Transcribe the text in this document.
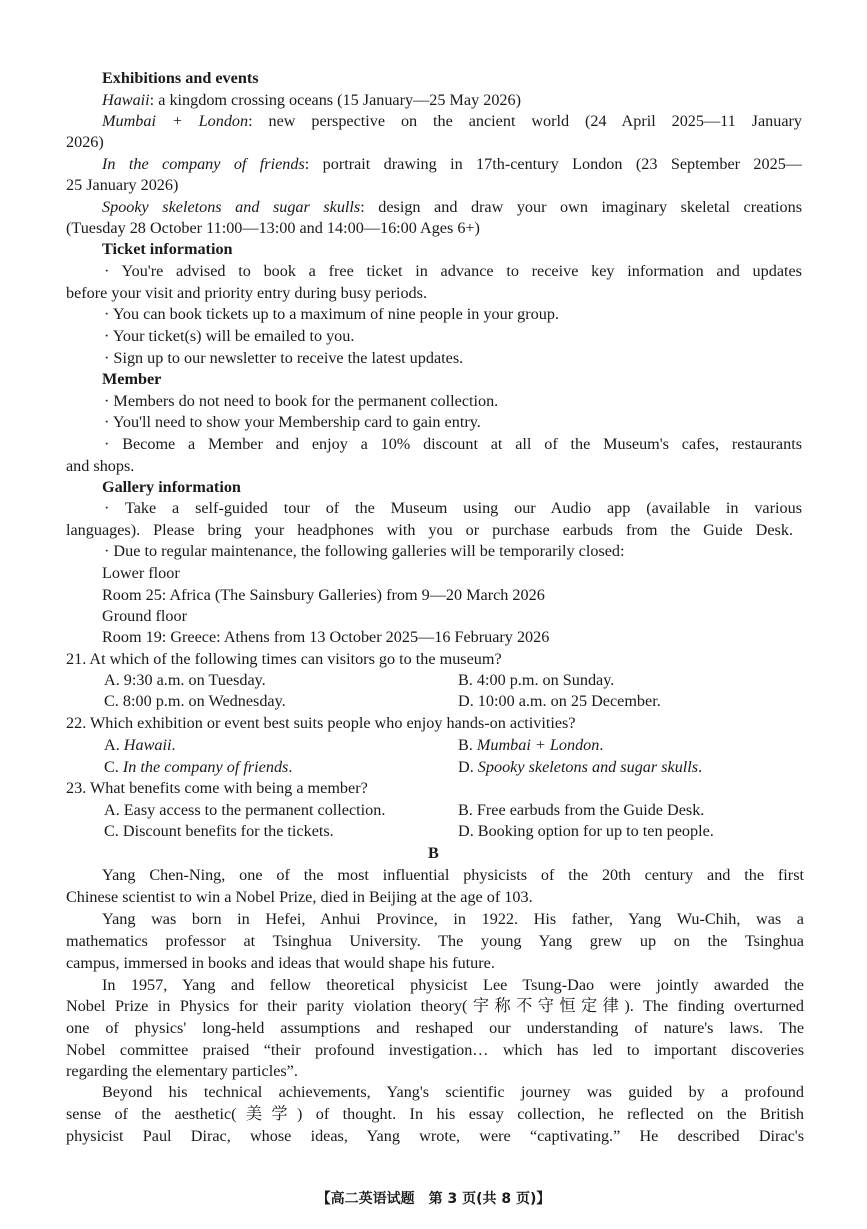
Exhibitions and events
Hawaii: a kingdom crossing oceans (15 January—25 May 2026)
Mumbai + London: new perspective on the ancient world (24 April 2025—11 January
2026)
In the company of friends: portrait drawing in 17th-century London (23 September 2025—
25 January 2026)
Spooky skeletons and sugar skulls: design and draw your own imaginary skeletal creations
(Tuesday 28 October 11:00—13:00 and 14:00—16:00 Ages 6+)
Ticket information
· You're advised to book a free ticket in advance to receive key information and updates
before your visit and priority entry during busy periods.
· You can book tickets up to a maximum of nine people in your group.
· Your ticket(s) will be emailed to you.
· Sign up to our newsletter to receive the latest updates.
Member
· Members do not need to book for the permanent collection.
· You'll need to show your Membership card to gain entry.
· Become a Member and enjoy a 10% discount at all of the Museum's cafes, restaurants
and shops.
Gallery information
· Take a self-guided tour of the Museum using our Audio app (available in various
languages). Please bring your headphones with you or purchase earbuds from the Guide Desk.
· Due to regular maintenance, the following galleries will be temporarily closed:
Lower floor
Room 25: Africa (The Sainsbury Galleries) from 9—20 March 2026
Ground floor
Room 19: Greece: Athens from 13 October 2025—16 February 2026
21. At which of the following times can visitors go to the museum?
A. 9:30 a.m. on Tuesday.	B. 4:00 p.m. on Sunday.
C. 8:00 p.m. on Wednesday.	D. 10:00 a.m. on 25 December.
22. Which exhibition or event best suits people who enjoy hands-on activities?
A. Hawaii.	B. Mumbai + London.
C. In the company of friends.	D. Spooky skeletons and sugar skulls.
23. What benefits come with being a member?
A. Easy access to the permanent collection.	B. Free earbuds from the Guide Desk.
C. Discount benefits for the tickets.	D. Booking option for up to ten people.
B
Yang Chen-Ning, one of the most influential physicists of the 20th century and the first
Chinese scientist to win a Nobel Prize, died in Beijing at the age of 103.
Yang was born in Hefei, Anhui Province, in 1922. His father, Yang Wu-Chih, was a
mathematics professor at Tsinghua University. The young Yang grew up on the Tsinghua
campus, immersed in books and ideas that would shape his future.
In 1957, Yang and fellow theoretical physicist Lee Tsung-Dao were jointly awarded the
Nobel Prize in Physics for their parity violation theory(宇称不守恒定律). The finding overturned
one of physics' long-held assumptions and reshaped our understanding of nature's laws. The
Nobel committee praised “their profound investigation… which has led to important discoveries
regarding the elementary particles”.
Beyond his technical achievements, Yang's scientific journey was guided by a profound
sense of the aesthetic(美学) of thought. In his essay collection, he reflected on the British
physicist Paul Dirac, whose ideas, Yang wrote, were “captivating.” He described Dirac's
【高二英语试题　第 3 页(共 8 页)】
